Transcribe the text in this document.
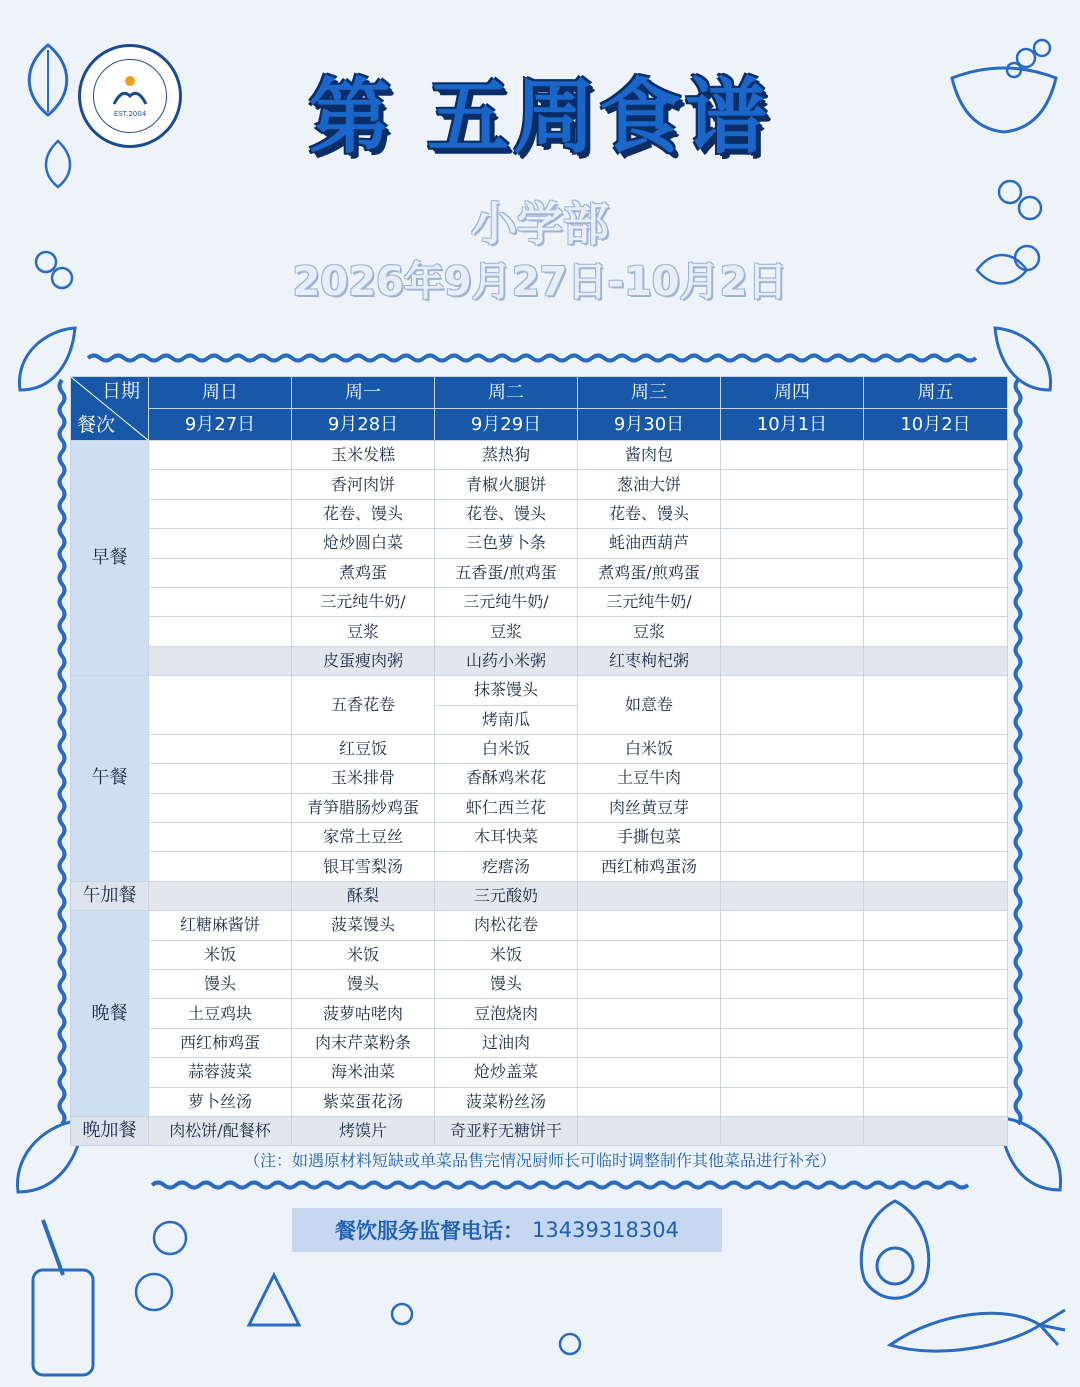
EST.2004	第 五周食谱
小学部
2026年9月27日-10月2日
日期
餐次	周日	周一	周二	周三	周四	周五
	9月27日	9月28日	9月29日	9月30日	10月1日	10月2日
早餐		玉米发糕	蒸热狗	酱肉包		
		香河肉饼	青椒火腿饼	葱油大饼		
		花卷、馒头	花卷、馒头	花卷、馒头		
		炝炒圆白菜	三色萝卜条	蚝油西葫芦		
		煮鸡蛋	五香蛋/煎鸡蛋	煮鸡蛋/煎鸡蛋		
		三元纯牛奶/	三元纯牛奶/	三元纯牛奶/		
		豆浆	豆浆	豆浆		
		皮蛋瘦肉粥	山药小米粥	红枣枸杞粥		
午餐		五香花卷	抹茶馒头	如意卷		
			烤南瓜			
		红豆饭	白米饭	白米饭		
		玉米排骨	香酥鸡米花	土豆牛肉		
		青笋腊肠炒鸡蛋	虾仁西兰花	肉丝黄豆芽		
		家常土豆丝	木耳快菜	手撕包菜		
		银耳雪梨汤	疙瘩汤	西红柿鸡蛋汤		
午加餐		酥梨	三元酸奶			
晚餐	红糖麻酱饼	菠菜馒头	肉松花卷			
	米饭	米饭	米饭			
	馒头	馒头	馒头			
	土豆鸡块	菠萝咕咾肉	豆泡烧肉			
	西红柿鸡蛋	肉末芹菜粉条	过油肉			
	蒜蓉菠菜	海米油菜	炝炒盖菜			
	萝卜丝汤	紫菜蛋花汤	菠菜粉丝汤			
晚加餐	肉松饼/配餐杯	烤馍片	奇亚籽无糖饼干			
（注：如遇原材料短缺或单菜品售完情况厨师长可临时调整制作其他菜品进行补充）
餐饮服务监督电话： 13439318304
